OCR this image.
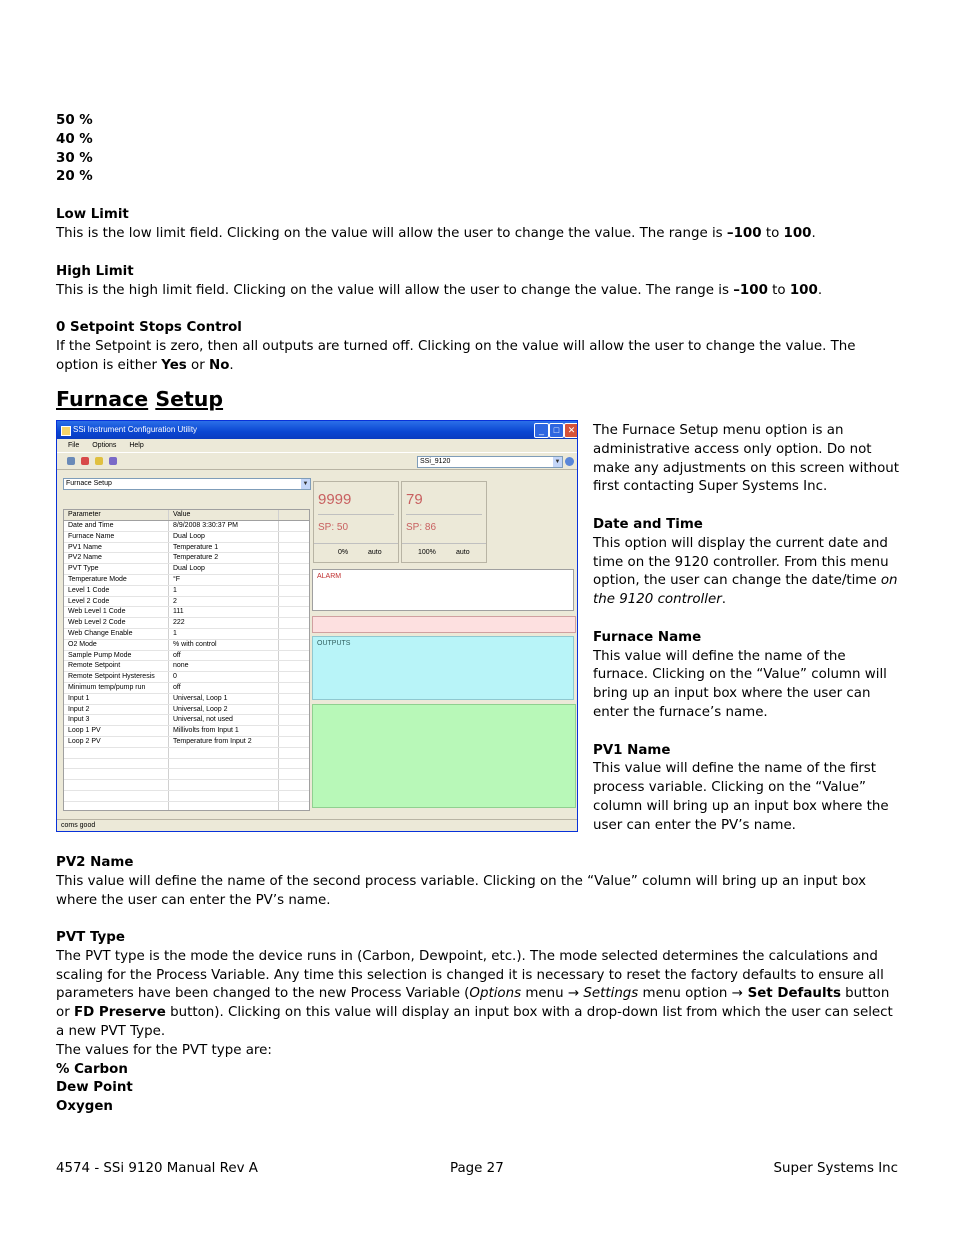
50 %
40 %
30 %
20 %
Low Limit

This is the low limit field. Clicking on the value will allow the user to change the value. The range is –100 to 100.

High Limit

This is the high limit field. Clicking on the value will allow the user to change the value. The range is –100 to 100.

0 Setpoint Stops Control

If the Setpoint is zero, then all outputs are turned off. Clicking on the value will allow the user to change the value. The option is either Yes or No.

Furnace Setup
SSi Instrument Configuration Utility	_	□ ✕
File Options Help
SSi_9120	▼
Furnace Setup	▼
Parameter	Value
Date and Time	8/9/2008 3:30:37 PM
Furnace Name	Dual Loop
PV1 Name	Temperature 1
PV2 Name	Temperature 2
PVT Type	Dual Loop
Temperature Mode	°F
Level 1 Code	1
Level 2 Code	2
Web Level 1 Code	111
Web Level 2 Code	222
Web Change Enable	1
O2 Mode	% with control
Sample Pump Mode	off
Remote Setpoint	none
Remote Setpoint Hysteresis	0
Minimum temp/pump run	off
Input 1	Universal, Loop 1
Input 2	Universal, Loop 2
Input 3	Universal, not used
Loop 1 PV	Millivolts from Input 1
Loop 2 PV	Temperature from Input 2
9999
SP: 50
0%	auto
79
SP: 86
100%	auto
ALARM
OUTPUTS
coms good

The Furnace Setup menu option is an administrative access only option. Do not make any adjustments on this screen without first contacting Super Systems Inc.

Date and Time

This option will display the current date and time on the 9120 controller. From this menu option, the user can change the date/time on the 9120 controller.

Furnace Name

This value will define the name of the furnace. Clicking on the “Value” column will bring up an input box where the user can enter the furnace’s name.

PV1 Name

This value will define the name of the first process variable. Clicking on the “Value” column will bring up an input box where the user can enter the PV’s name.

PV2 Name

This value will define the name of the second process variable. Clicking on the “Value” column will bring up an input box where the user can enter the PV’s name.

PVT Type

The PVT type is the mode the device runs in (Carbon, Dewpoint, etc.). The mode selected determines the calculations and scaling for the Process Variable. Any time this selection is changed it is necessary to reset the factory defaults to ensure all parameters have been changed to the new Process Variable (Options menu → Settings menu option → Set Defaults button or FD Preserve button). Clicking on this value will display an input box with a drop-down list from which the user can select a new PVT Type.

The values for the PVT type are:

% Carbon
Dew Point
Oxygen
4574 - SSi 9120 Manual Rev A	Page 27	Super Systems Inc
